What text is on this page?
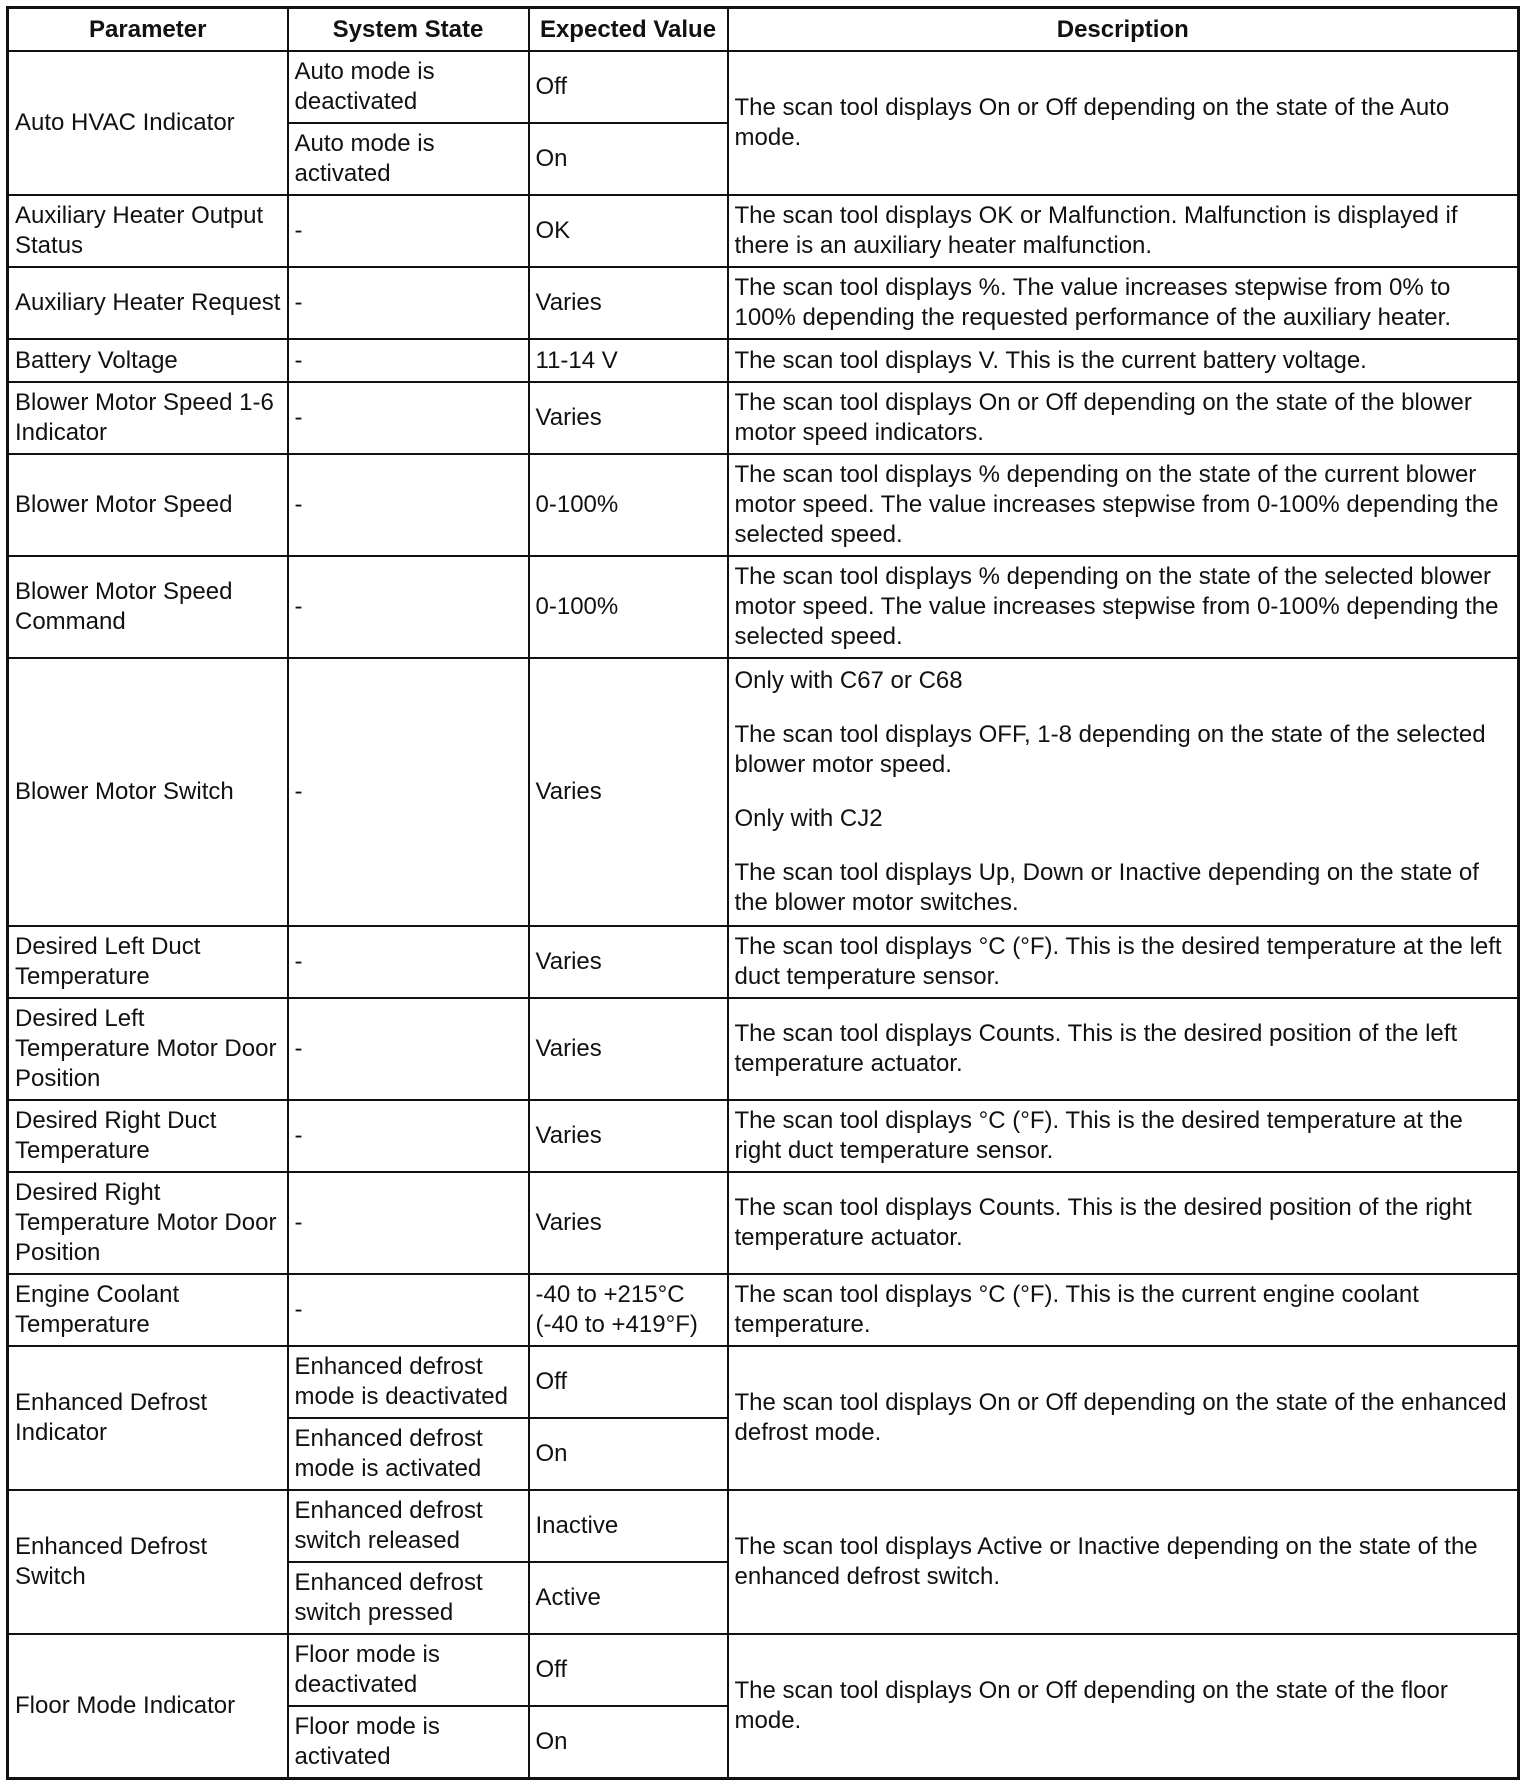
Parameter	System State	Expected Value	Description
Auto HVAC Indicator	Auto mode is deactivated	Off	The scan tool displays On or Off depending on the state of the Auto mode.
	Auto mode is activated	On	
Auxiliary Heater Output Status	-	OK	The scan tool displays OK or Malfunction. Malfunction is displayed if there is an auxiliary heater malfunction.
Auxiliary Heater Request	-	Varies	The scan tool displays %. The value increases stepwise from 0% to 100% depending the requested performance of the auxiliary heater.
Battery Voltage	-	11-14 V	The scan tool displays V. This is the current battery voltage.
Blower Motor Speed 1-6 Indicator	-	Varies	The scan tool displays On or Off depending on the state of the blower motor speed indicators.
Blower Motor Speed	-	0-100%	The scan tool displays % depending on the state of the current blower motor speed. The value increases stepwise from 0-100% depending the selected speed.
Blower Motor Speed Command	-	0-100%	The scan tool displays % depending on the state of the selected blower motor speed. The value increases stepwise from 0-100% depending the selected speed.
Blower Motor Switch	-	Varies	Only with C67 or C68

The scan tool displays OFF, 1-8 depending on the state of the selected blower motor speed.

Only with CJ2

The scan tool displays Up, Down or Inactive depending on the state of the blower motor switches.

Desired Left Duct Temperature	-	Varies	The scan tool displays °C (°F). This is the desired temperature at the left duct temperature sensor.
Desired Left Temperature Motor Door Position	-	Varies	The scan tool displays Counts. This is the desired position of the left temperature actuator.
Desired Right Duct Temperature	-	Varies	The scan tool displays °C (°F). This is the desired temperature at the right duct temperature sensor.
Desired Right Temperature Motor Door Position	-	Varies	The scan tool displays Counts. This is the desired position of the right temperature actuator.
Engine Coolant Temperature	-	-40 to +215°C (-40 to +419°F)	The scan tool displays °C (°F). This is the current engine coolant temperature.
Enhanced Defrost Indicator	Enhanced defrost mode is deactivated	Off	The scan tool displays On or Off depending on the state of the enhanced defrost mode.
	Enhanced defrost mode is activated	On	
Enhanced Defrost Switch	Enhanced defrost switch released	Inactive	The scan tool displays Active or Inactive depending on the state of the enhanced defrost switch.
	Enhanced defrost switch pressed	Active	
Floor Mode Indicator	Floor mode is deactivated	Off	The scan tool displays On or Off depending on the state of the floor mode.
	Floor mode is activated	On	
